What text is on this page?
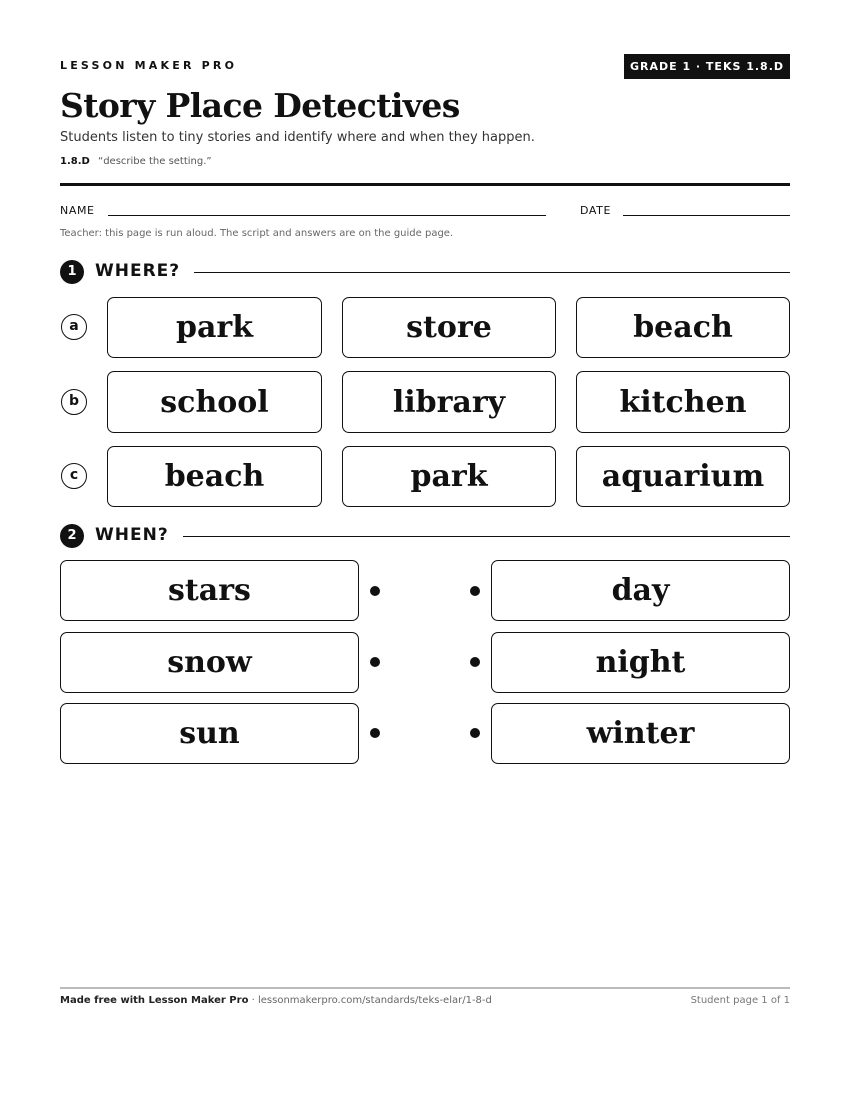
LESSON MAKER PRO	GRADE 1 · TEKS 1.8.D
Story Place Detectives
Students listen to tiny stories and identify where and when they happen.
1.8.D “describe the setting.”
NAME	DATE
Teacher: this page is run aloud. The script and answers are on the guide page.
1	WHERE?
a	park	store	beach
b	school	library	kitchen
c	beach	park	aquarium
2	WHEN?
stars	day
snow	night
sun	winter
Made free with Lesson Maker Pro · lessonmakerpro.com/standards/teks-elar/1-8-d	Student page 1 of 1
